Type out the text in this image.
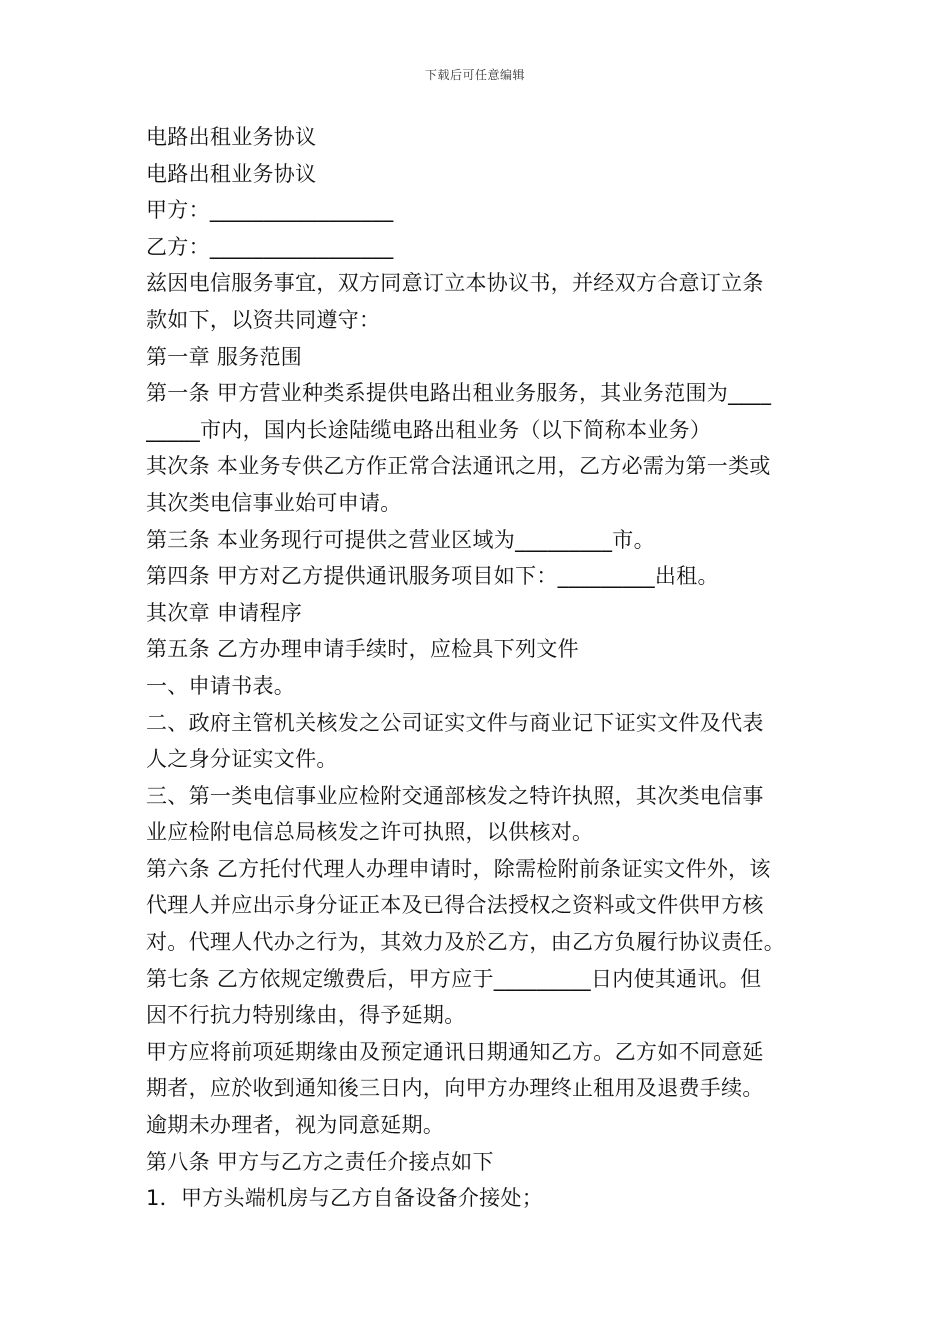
下载后可任意编辑
电路出租业务协议
电路出租业务协议
甲方：_________________
乙方：_________________
兹因电信服务事宜，双方同意订立本协议书，并经双方合意订立条
款如下，以资共同遵守：
第一章 服务范围
第一条 甲方营业种类系提供电路出租业务服务，其业务范围为____
_____市内，国内长途陆缆电路出租业务（以下简称本业务）
其次条 本业务专供乙方作正常合法通讯之用，乙方必需为第一类或
其次类电信事业始可申请。
第三条 本业务现行可提供之营业区域为_________市。
第四条 甲方对乙方提供通讯服务项目如下：_________出租。
其次章 申请程序
第五条 乙方办理申请手续时，应检具下列文件
一、申请书表。
二、政府主管机关核发之公司证实文件与商业记下证实文件及代表
人之身分证实文件。
三、第一类电信事业应检附交通部核发之特许执照，其次类电信事
业应检附电信总局核发之许可执照，以供核对。
第六条 乙方托付代理人办理申请时，除需检附前条证实文件外，该
代理人并应出示身分证正本及已得合法授权之资料或文件供甲方核
对。代理人代办之行为，其效力及於乙方，由乙方负履行协议责任。
第七条 乙方依规定缴费后，甲方应于_________日内使其通讯。但
因不行抗力特别缘由，得予延期。
甲方应将前项延期缘由及预定通讯日期通知乙方。乙方如不同意延
期者，应於收到通知後三日内，向甲方办理终止租用及退费手续。
逾期未办理者，视为同意延期。
第八条 甲方与乙方之责任介接点如下
1．甲方头端机房与乙方自备设备介接处；
